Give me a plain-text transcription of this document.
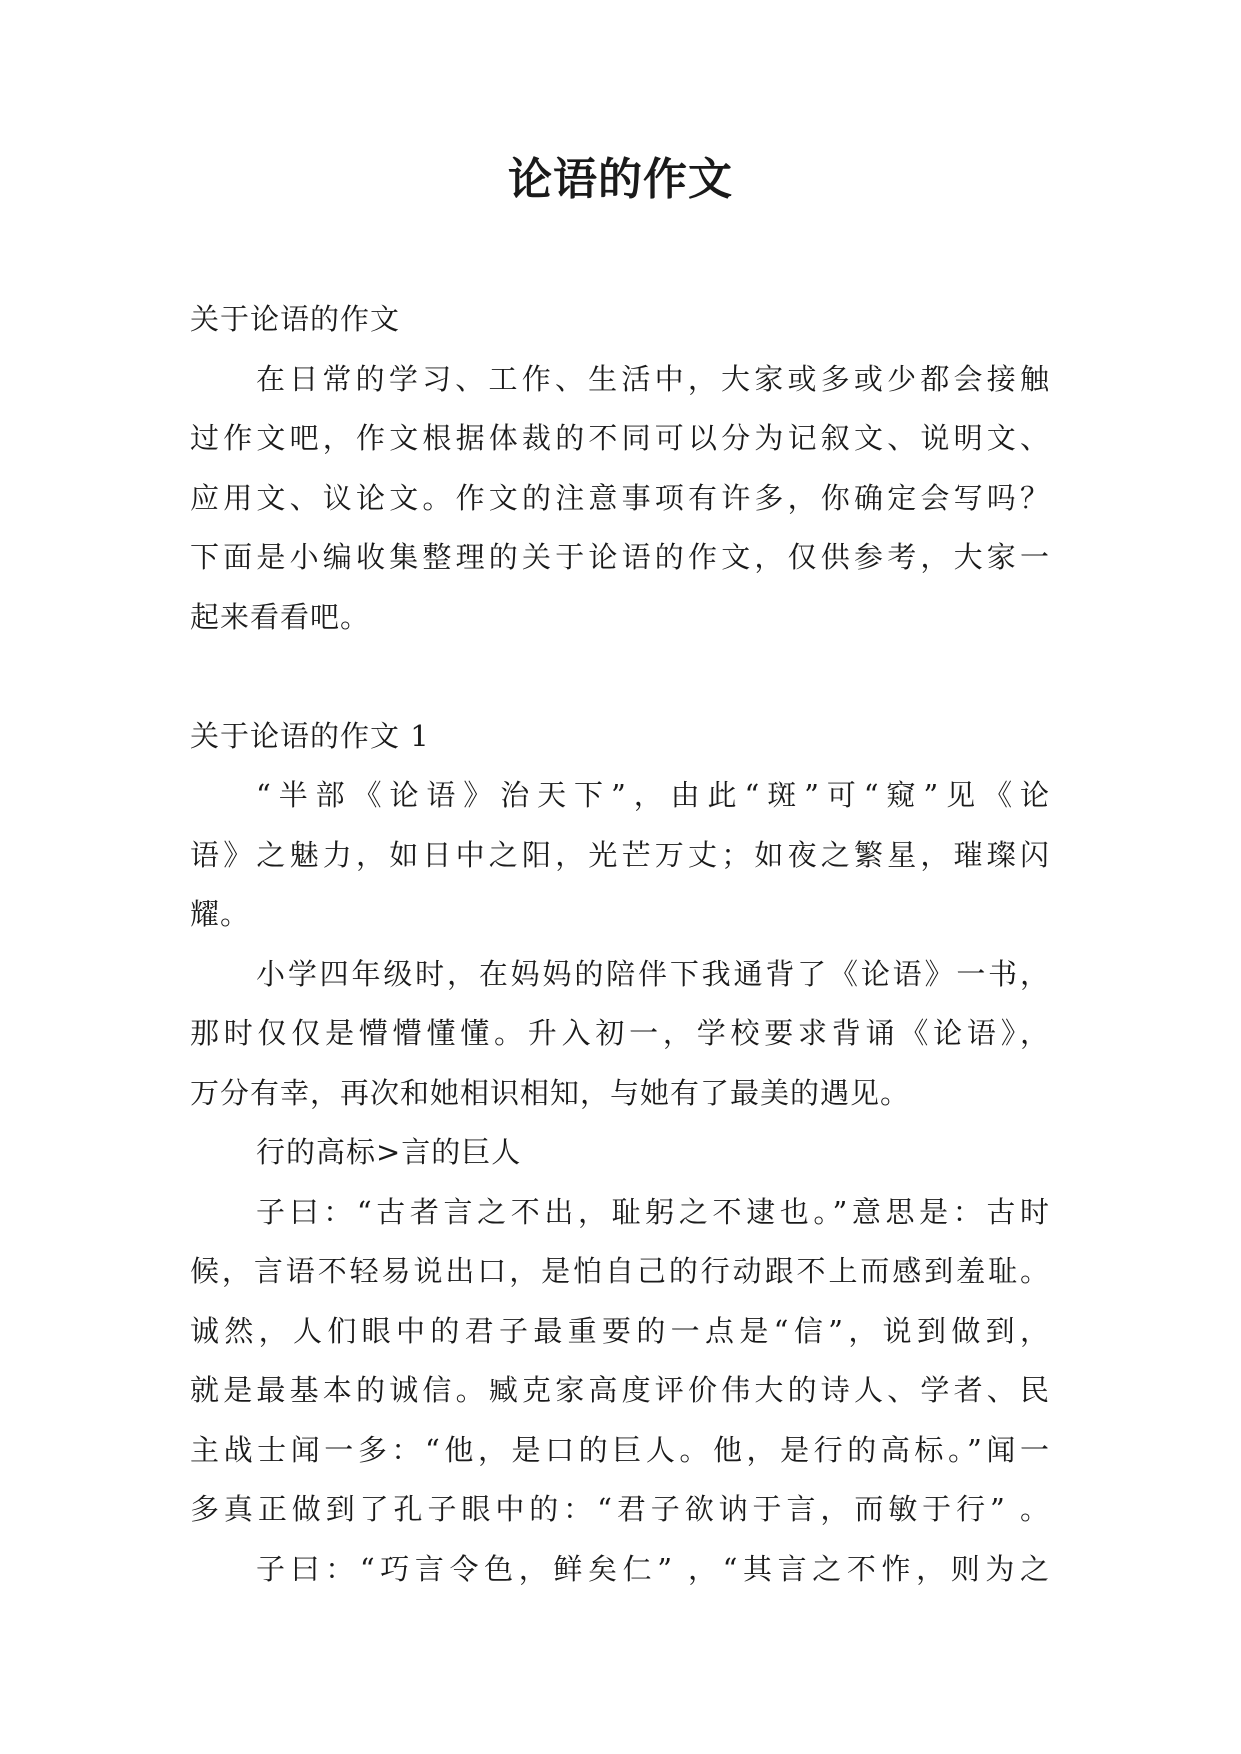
论语的作文
关于论语的作文
在日常的学习、工作、生活中，大家或多或少都会接触
过作文吧，作文根据体裁的不同可以分为记叙文、说明文、
应用文、议论文。作文的注意事项有许多，你确定会写吗？
下面是小编收集整理的关于论语的作文，仅供参考，大家一
起来看看吧。
关于论语的作文 1
“半部《论语》治天下”，由此“斑”可“窥”见《论
语》之魅力，如日中之阳，光芒万丈；如夜之繁星，璀璨闪
耀。
小学四年级时，在妈妈的陪伴下我通背了《论语》一书，
那时仅仅是懵懵懂懂。升入初一，学校要求背诵《论语》，
万分有幸，再次和她相识相知，与她有了最美的遇见。
行的高标>言的巨人
子曰：“古者言之不出，耻躬之不逮也。”意思是：古时
候，言语不轻易说出口，是怕自己的行动跟不上而感到羞耻。
诚然，人们眼中的君子最重要的一点是“信”，说到做到，
就是最基本的诚信。臧克家高度评价伟大的诗人、学者、民
主战士闻一多：“他，是口的巨人。他，是行的高标。”闻一
多真正做到了孔子眼中的：“君子欲讷于言，而敏于行” 。
子曰：“巧言令色，鲜矣仁” ，“其言之不怍，则为之
